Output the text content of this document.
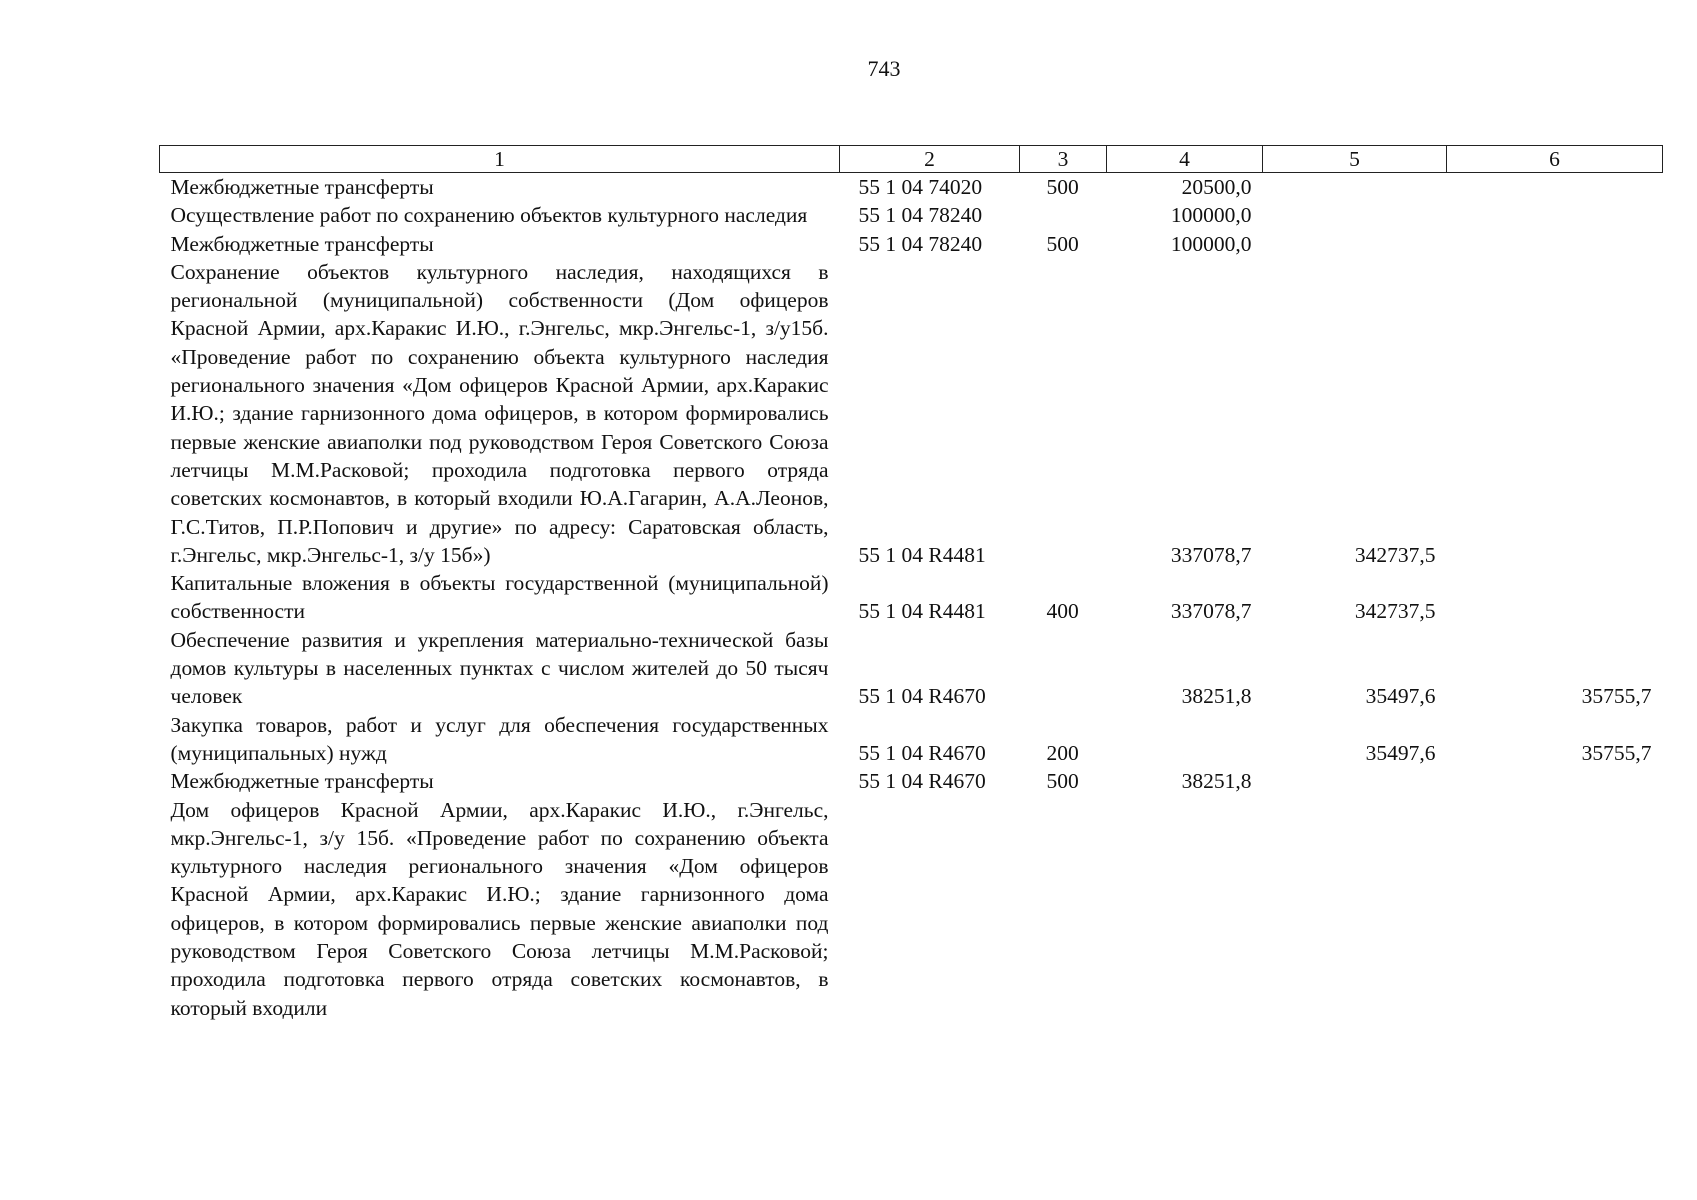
743
1	2	3	4	5	6
Межбюджетные трансферты	55 1 04 74020	500	20500,0		
Осуществление работ по сохранению объектов культурного наследия	55 1 04 78240		100000,0		
Межбюджетные трансферты	55 1 04 78240	500	100000,0		
Сохранение объектов культурного наследия, находящихся в региональной (муниципальной) собственности (Дом офицеров Красной Армии, арх.Каракис И.Ю., г.Энгельс, мкр.Энгельс-1, з/у15б. «Проведение работ по сохранению объекта культурного наследия регионального значения «Дом офицеров Красной Армии, арх.Каракис И.Ю.; здание гарнизонного дома офицеров, в котором формировались первые женские авиаполки под руководством Героя Советского Союза летчицы М.М.Расковой; проходила подготовка первого отряда советских космонавтов, в который входили Ю.А.Гагарин, А.А.Леонов, Г.С.Титов, П.Р.Попович и другие» по адресу: Саратовская область, г.Энгельс, мкр.Энгельс-1, з/у 15б»)	55 1 04 R4481		337078,7	342737,5	
Капитальные вложения в объекты государственной (муниципальной) собственности	55 1 04 R4481	400	337078,7	342737,5	
Обеспечение развития и укрепления материально-технической базы домов культуры в населенных пунктах с числом жителей до 50 тысяч человек	55 1 04 R4670		38251,8	35497,6	35755,7
Закупка товаров, работ и услуг для обеспечения государственных (муниципальных) нужд	55 1 04 R4670	200		35497,6	35755,7
Межбюджетные трансферты	55 1 04 R4670	500	38251,8		
Дом офицеров Красной Армии, арх.Каракис И.Ю., г.Энгельс, мкр.Энгельс-1, з/у 15б. «Проведение работ по сохранению объекта культурного наследия регионального значения «Дом офицеров Красной Армии, арх.Каракис И.Ю.; здание гарнизонного дома офицеров, в котором формировались первые женские авиаполки под руководством Героя Советского Союза летчицы М.М.Расковой; проходила подготовка первого отряда советских космонавтов, в который входили					
